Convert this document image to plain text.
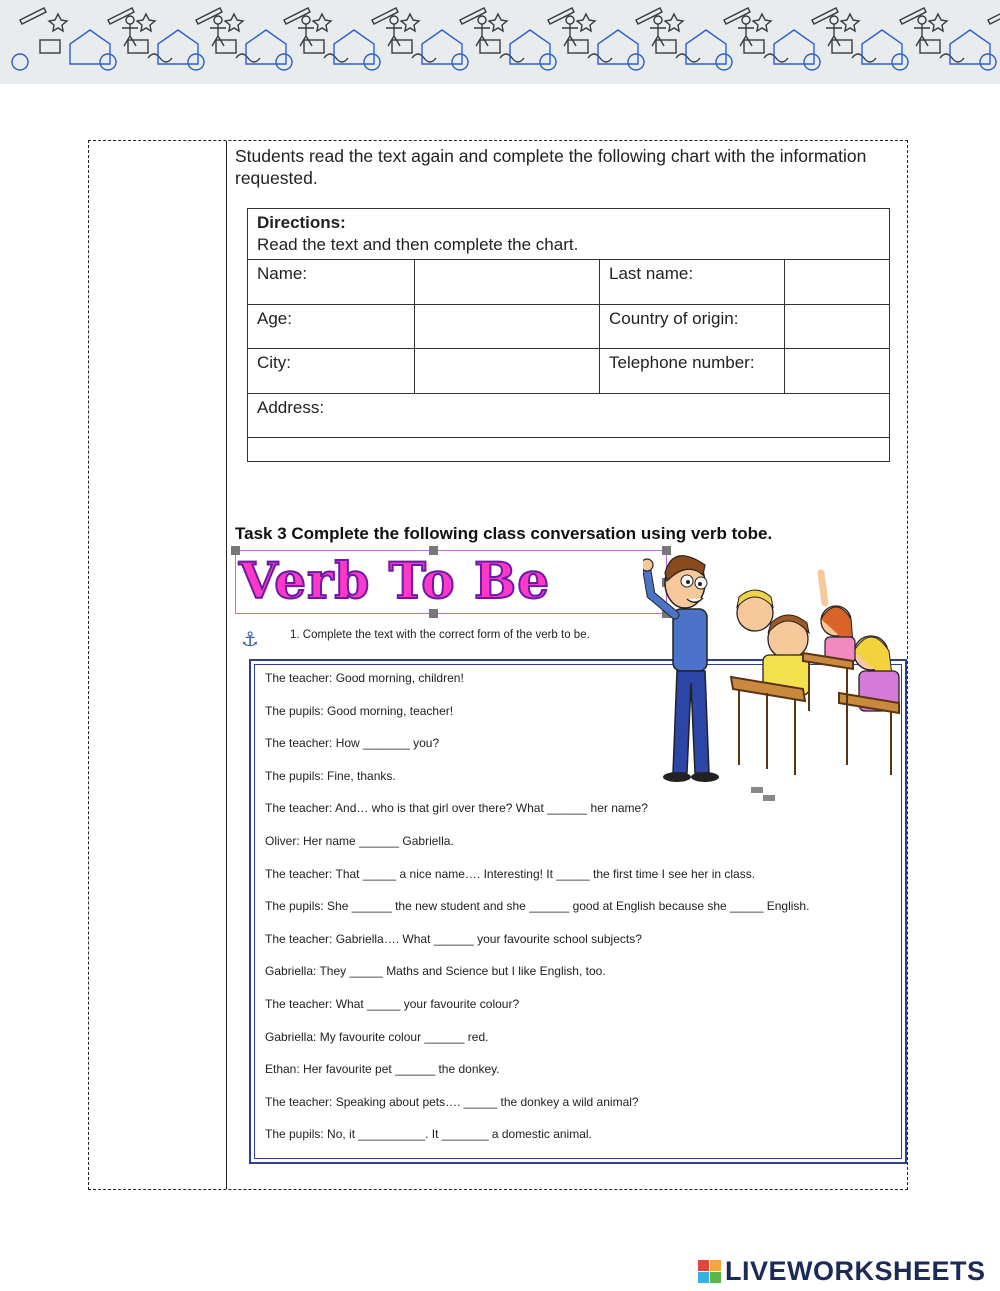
Students read the text again and complete the following chart with the information requested.
Directions:
Read the text and then complete the chart.			
Name:		Last name:	
Age:		Country of origin:	
City:		Telephone number:	
Address:			

Task 3 Complete the following class conversation using verb tobe.
Verb To Be
⚓	1. Complete the text with the correct form of the verb to be.
The teacher: Good morning, children!
The pupils: Good morning, teacher!
The teacher: How _______ you?
The pupils: Fine, thanks.
The teacher: And… who is that girl over there? What ______ her name?
Oliver: Her name ______ Gabriella.
The teacher: That _____ a nice name…. Interesting! It _____ the first time I see her in class.
The pupils: She ______ the new student and she ______ good at English because she _____ English.
The teacher: Gabriella…. What ______ your favourite school subjects?
Gabriella: They _____ Maths and Science but I like English, too.
The teacher: What _____ your favourite colour?
Gabriella: My favourite colour ______ red.
Ethan: Her favourite pet ______ the donkey.
The teacher: Speaking about pets…. _____ the donkey a wild animal?
The pupils: No, it __________. It _______ a domestic animal.
LIVEWORKSHEETS
